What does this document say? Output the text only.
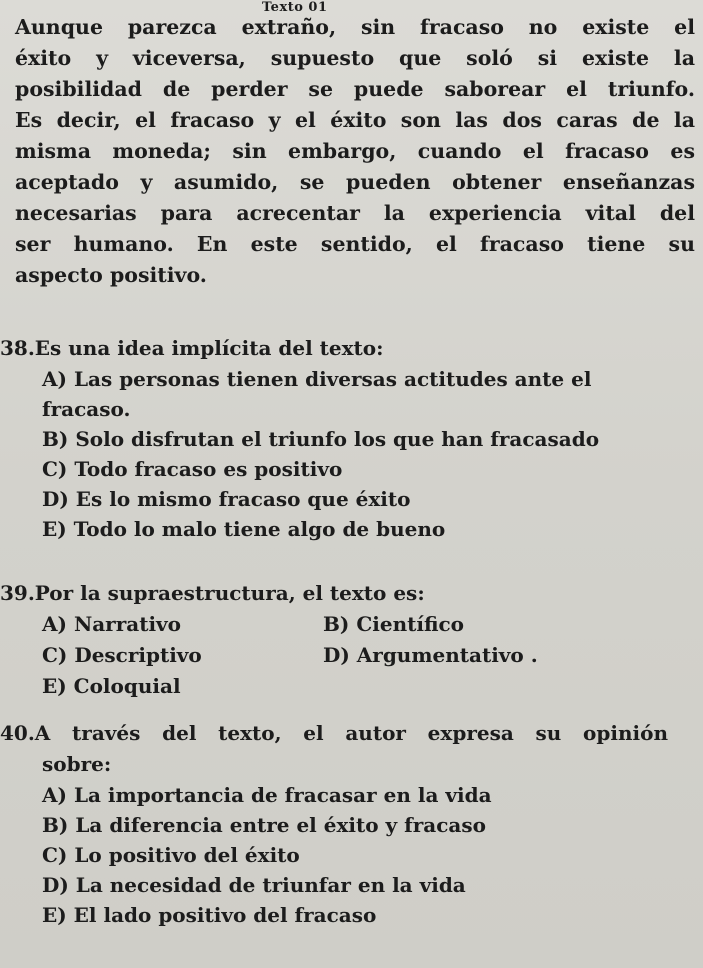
Texto 01
Aunque parezca extraño, sin fracaso no existe el
éxito y viceversa, supuesto que soló si existe la
posibilidad de perder se puede saborear el triunfo.
Es decir, el fracaso y el éxito son las dos caras de la
misma moneda; sin embargo, cuando el fracaso es
aceptado y asumido, se pueden obtener enseñanzas
necesarias para acrecentar la experiencia vital del
ser humano. En este sentido, el fracaso tiene su
aspecto positivo.
38.Es una idea implícita del texto:
A) Las personas tienen diversas actitudes ante el
fracaso.
B) Solo disfrutan el triunfo los que han fracasado
C) Todo fracaso es positivo
D) Es lo mismo fracaso que éxito
E) Todo lo malo tiene algo de bueno
39.Por la supraestructura, el texto es:
A) Narrativo	B) Científico
C) Descriptivo	D) Argumentativo .
E) Coloquial
40.A través del texto, el autor expresa su opinión
sobre:
A) La importancia de fracasar en la vida
B) La diferencia entre el éxito y fracaso
C) Lo positivo del éxito
D) La necesidad de triunfar en la vida
E) El lado positivo del fracaso
